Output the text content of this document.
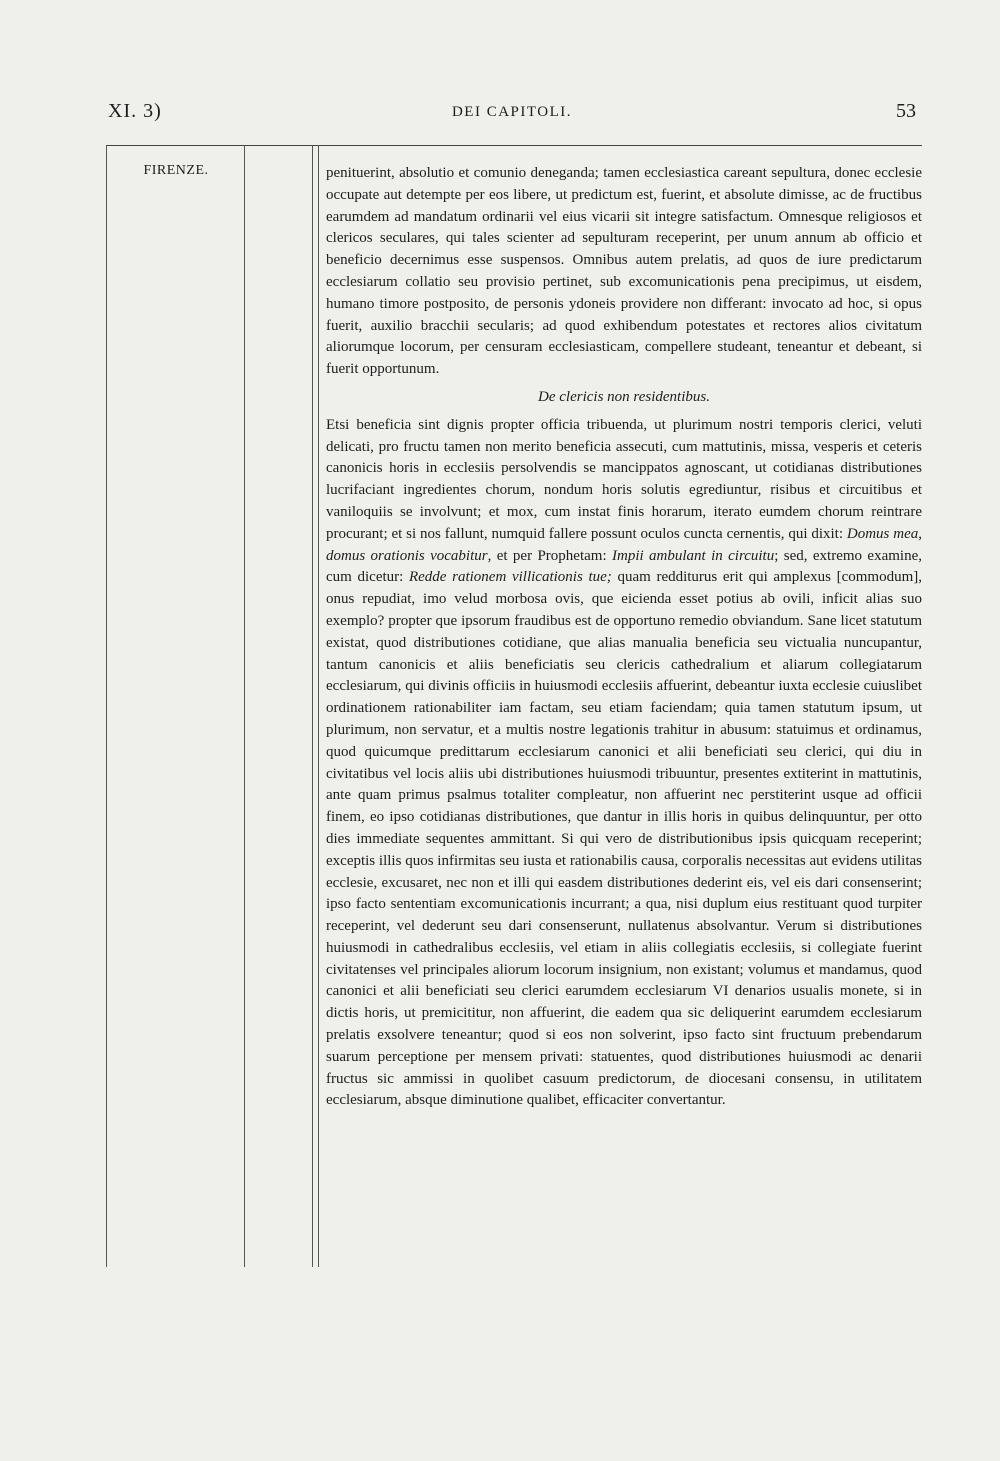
XI. 3)	DEI CAPITOLI.	53
FIRENZE.	penituerint, absolutio et comunio deneganda; tamen ecclesiastica careant sepultura, donec ecclesie occupate aut detempte per eos libere, ut predictum est, fuerint, et absolute dimisse, ac de fructibus earumdem ad mandatum ordinarii vel eius vicarii sit integre satisfactum. Omnesque religiosos et clericos seculares, qui tales scienter ad sepulturam receperint, per unum annum ab officio et beneficio decernimus esse suspensos. Omnibus autem prelatis, ad quos de iure predictarum ecclesiarum collatio seu provisio pertinet, sub excomunicationis pena precipimus, ut eisdem, humano timore postposito, de personis ydoneis providere non differant: invocato ad hoc, si opus fuerit, auxilio bracchii secularis; ad quod exhibendum potestates et rectores alios civitatum aliorumque locorum, per censuram ecclesiasticam, compellere studeant, teneantur et debeant, si fuerit opportunum.

De clericis non residentibus.

Etsi beneficia sint dignis propter officia tribuenda, ut plurimum nostri temporis clerici, veluti delicati, pro fructu tamen non merito beneficia assecuti, cum mattutinis, missa, vesperis et ceteris canonicis horis in ecclesiis persolvendis se mancippatos agnoscant, ut cotidianas distributiones lucrifaciant ingredientes chorum, nondum horis solutis egrediuntur, risibus et circuitibus et vaniloquiis se involvunt; et mox, cum instat finis horarum, iterato eumdem chorum reintrare procurant; et si nos fallunt, numquid fallere possunt oculos cuncta cernentis, qui dixit: Domus mea, domus orationis vocabitur, et per Prophetam: Impii ambulant in circuitu; sed, extremo examine, cum dicetur: Redde rationem villicationis tue; quam redditurus erit qui amplexus [commodum], onus repudiat, imo velud morbosa ovis, que eicienda esset potius ab ovili, inficit alias suo exemplo? propter que ipsorum fraudibus est de opportuno remedio obviandum. Sane licet statutum existat, quod distributiones cotidiane, que alias manualia beneficia seu victualia nuncupantur, tantum canonicis et aliis beneficiatis seu clericis cathedralium et aliarum collegiatarum ecclesiarum, qui divinis officiis in huiusmodi ecclesiis affuerint, debeantur iuxta ecclesie cuiuslibet ordinationem rationabiliter iam factam, seu etiam faciendam; quia tamen statutum ipsum, ut plurimum, non servatur, et a multis nostre legationis trahitur in abusum: statuimus et ordinamus, quod quicumque predittarum ecclesiarum canonici et alii beneficiati seu clerici, qui diu in civitatibus vel locis aliis ubi distributiones huiusmodi tribuuntur, presentes extiterint in mattutinis, ante quam primus psalmus totaliter compleatur, non affuerint nec perstiterint usque ad officii finem, eo ipso cotidianas distributiones, que dantur in illis horis in quibus delinquuntur, per otto dies immediate sequentes ammittant. Si qui vero de distributionibus ipsis quicquam receperint; exceptis illis quos infirmitas seu iusta et rationabilis causa, corporalis necessitas aut evidens utilitas ecclesie, excusaret, nec non et illi qui easdem distributiones dederint eis, vel eis dari consenserint; ipso facto sententiam excomunicationis incurrant; a qua, nisi duplum eius restituant quod turpiter receperint, vel dederunt seu dari consenserunt, nullatenus absolvantur. Verum si distributiones huiusmodi in cathedralibus ecclesiis, vel etiam in aliis collegiatis ecclesiis, si collegiate fuerint civitatenses vel principales aliorum locorum insignium, non existant; volumus et mandamus, quod canonici et alii beneficiati seu clerici earumdem ecclesiarum VI denarios usualis monete, si in dictis horis, ut premicititur, non affuerint, die eadem qua sic deliquerint earumdem ecclesiarum prelatis exsolvere teneantur; quod si eos non solverint, ipso facto sint fructuum prebendarum suarum perceptione per mensem privati: statuentes, quod distributiones huiusmodi ac denarii fructus sic ammissi in quolibet casuum predictorum, de diocesani consensu, in utilitatem ecclesiarum, absque diminutione qualibet, efficaciter convertantur.
